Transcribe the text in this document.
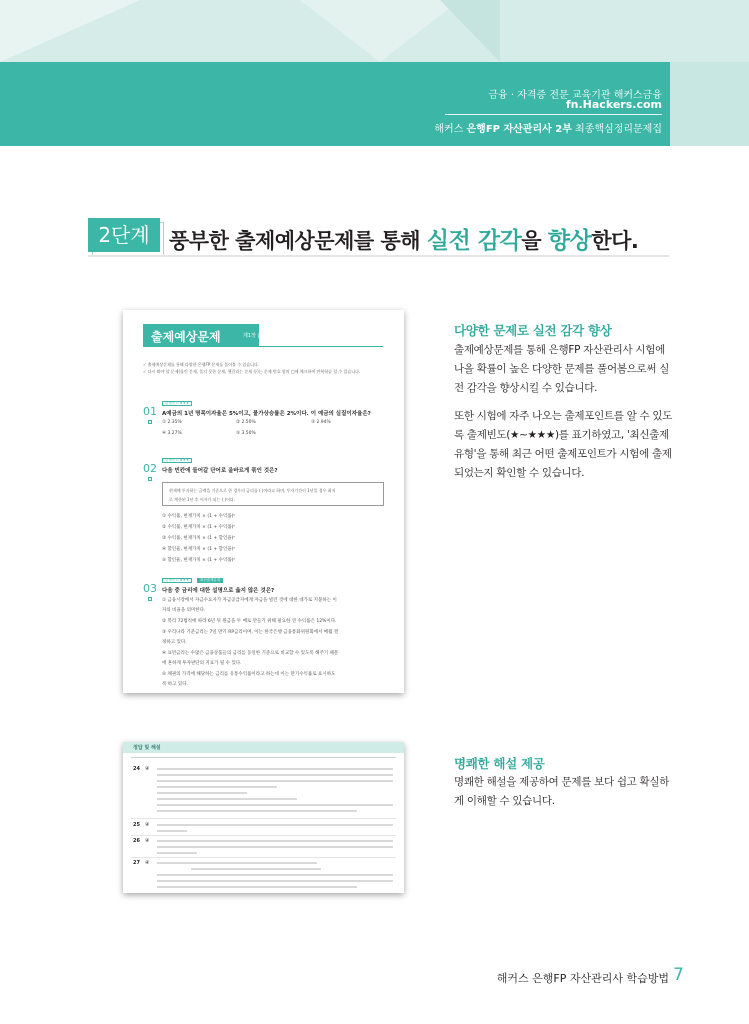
금융 · 자격증 전문 교육기관 해커스금융
fn.Hackers.com
해커스 은행FP 자산관리사 2부 최종핵심정리문제집
2단계 풍부한 출제예상문제를 통해 실전 감각을 향상한다.
출제예상문제	제1장 | 제2부
✓ 출제예상문제를 통해 다양한 은행FP 문제를 풀어볼 수 있습니다.
✓ 다시 봐야 할 문제(틀린 문제, 풀지 못한 문제, 헷갈리는 문제 등)는 문제 번호 옆의 □에 체크하여 반복학습 할 수 있습니다.
출제빈도 ★★★
01 A예금의 1년 명목이자율은 5%이고, 물가상승률은 2%이다. 이 예금의 실질이자율은?
① 2.35%	② 2.50%	③ 2.94%
④ 3.27%	⑤ 3.50%
출제빈도 ★★★
02 다음 빈칸에 들어갈 단어로 올바르게 묶인 것은?
현재에 투자하는 금액을 기준으로 한 경우의 금리를 ( )이라고 하며, 투자기간이 1년일 경우 최저
로 계산된 1년 후 이자가 되는 ( )이다.
① 수익률, 현재가치 × (1 + 수익률)ⁿ
② 수익률, 현재가치 × (1 + 수익률)ⁿ
③ 수익률, 현재가치 × (1 + 할인율)ⁿ
④ 할인율, 현재가치 × (1 + 할인율)ⁿ
⑤ 할인율, 현재가치 × (1 + 수익률)ⁿ
출제빈도 ★★★	최신출제유형
03 다음 중 금리에 대한 설명으로 옳지 않은 것은?
① 금융시장에서 자금수요자가 자금공급자에게 자금을 빌린 것에 대한 대가로 지불하는 이
자의 비율을 의미한다.
② 복리 72법칙에 따라 6년 뒤 원금을 두 배로 만들기 위해 필요한 연 수익률은 12%이다.
③ 우리나라 기준금리는 7일 만기 RP금리이며, 이는 한국은행 금융통화위원회에서 매월 결
정하고 있다.
④ 표면금리는 수많은 금융상품들의 금리를 동일한 기준으로 비교할 수 있도록 해주기 때문
에 흔하게 투자판단의 지표가 될 수 있다.
⑤ 채권의 가격에 해당하는 금리를 유통수익률이라고 하는데 이는 만기수익률로 표시하도
록 하고 있다.
정답 및 해설
24 ④
25 ④
26 ④
27 ④
다양한 문제로 실전 감각 향상

출제예상문제를 통해 은행FP 자산관리사 시험에

나올 확률이 높은 다양한 문제를 풀어봄으로써 실

전 감각을 향상시킬 수 있습니다.

또한 시험에 자주 나오는 출제포인트를 알 수 있도

록 출제빈도(★~★★★)를 표기하였고, '최신출제

유형'을 통해 최근 어떤 출제포인트가 시험에 출제

되었는지 확인할 수 있습니다.

명쾌한 해설 제공

명쾌한 해설을 제공하여 문제를 보다 쉽고 확실하

게 이해할 수 있습니다.

해커스 은행FP 자산관리사 학습방법 7
